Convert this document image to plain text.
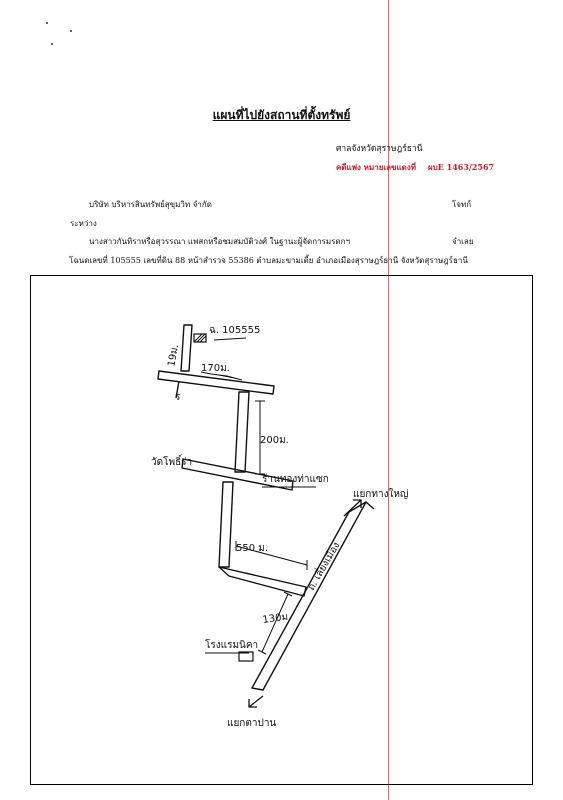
แผนที่ไปยังสถานที่ตั้งทรัพย์
ศาลจังหวัดสุราษฎร์ธานี
คดีแพ่ง หมายเลขแดงที่ ผบE 1463/2567
บริษัท บริหารสินทรัพย์สุขุมวิท จำกัด	โจทก์
ระหว่าง
นางสาวกันทิราหรือสุวรรณา แพสกหรือชมสมบัติวงศ์ ในฐานะผู้จัดการมรดกฯ	จำเลย
โฉนดเลขที่ 105555 เลขที่ดิน 88 หน้าสำรวจ 55386 ตำบลมะขามเตี้ย อำเภอเมืองสุราษฎร์ธานี จังหวัดสุราษฎร์ธานี
ฉ. 105555
19ม.
ร
170ม.
200ม.
ร้านทองท่าแซก
วัดโพธิ์ร่า
550 ม.
แยกทางใหญ่
ถ. เลี่ยงเมือง
130ม.
โรงแรมนิคา
แยกตาปาน
